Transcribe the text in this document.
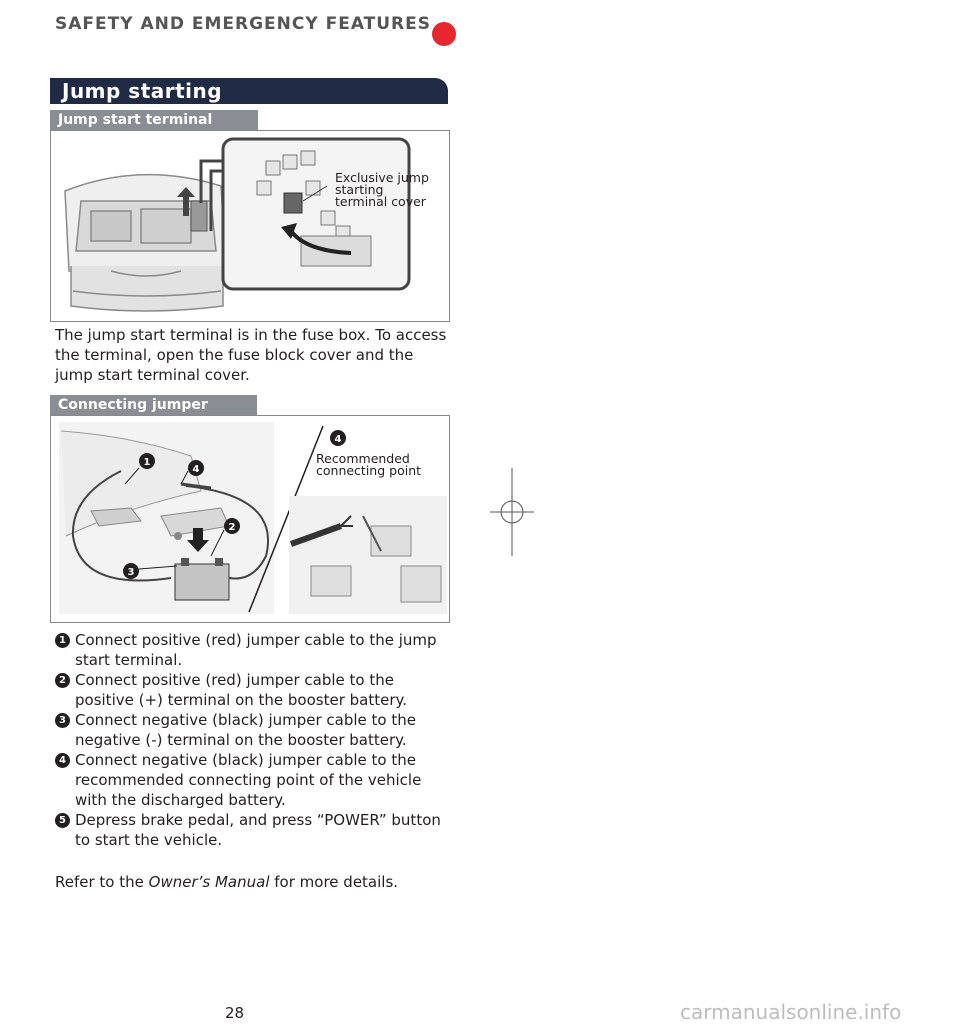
SAFETY AND EMERGENCY FEATURES
Jump starting
Jump start terminal
Exclusive jump
starting
terminal cover
The jump start terminal is in the fuse box. To access the terminal, open the fuse block cover and the jump start terminal cover.
Connecting jumper
1
2
3
4
4
Recommended
connecting point
1 Connect positive (red) jumper cable to the jump start terminal.
2 Connect positive (red) jumper cable to the positive (+) terminal on the booster battery.
3 Connect negative (black) jumper cable to the negative (-) terminal on the booster battery.
4 Connect negative (black) jumper cable to the recommended connecting point of the vehicle with the discharged battery.
5 Depress brake pedal, and press “POWER” button to start the vehicle.
Refer to the Owner’s Manual for more details.
28	carmanualsonline.info
